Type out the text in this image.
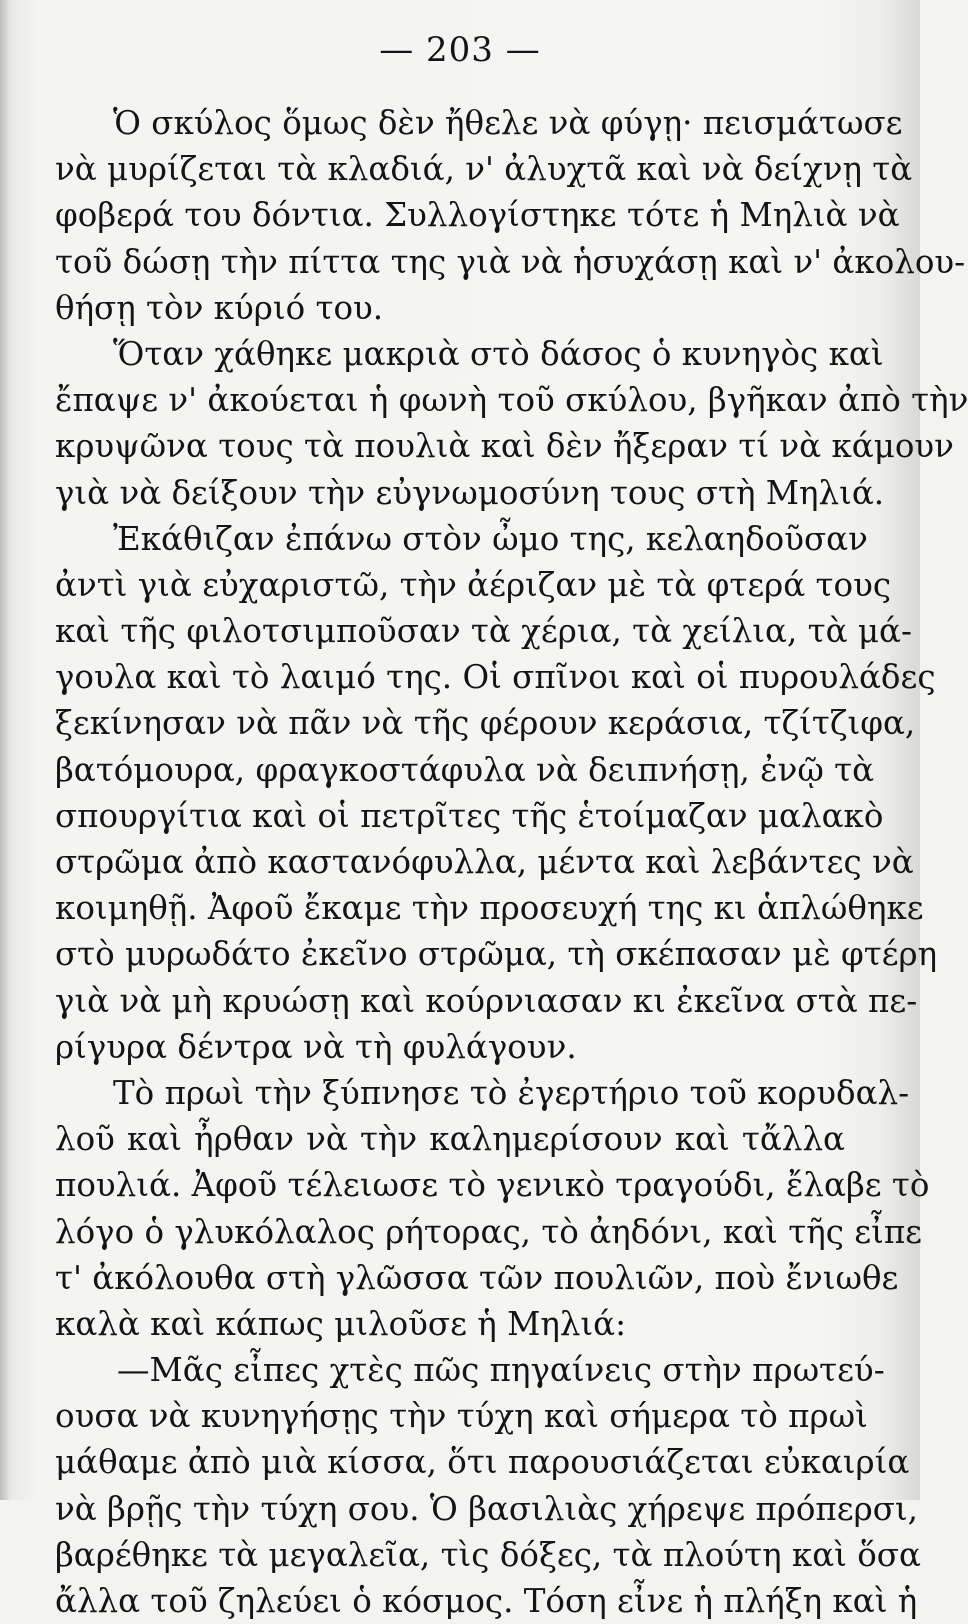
— 203 —
Ὁ σκύλος ὅμως δὲν ἤθελε νὰ φύγῃ· πεισμάτωσε
νὰ μυρίζεται τὰ κλαδιά, ν' ἀλυχτᾶ καὶ νὰ δείχνῃ τὰ
φοβερά του δόντια. Συλλογίστηκε τότε ἡ Μηλιὰ νὰ
τοῦ δώσῃ τὴν πίττα της γιὰ νὰ ἡσυχάσῃ καὶ ν' ἀκολου-
θήσῃ τὸν κύριό του.
Ὅταν χάθηκε μακριὰ στὸ δάσος ὁ κυνηγὸς καὶ
ἔπαψε ν' ἀκούεται ἡ φωνὴ τοῦ σκύλου, βγῆκαν ἀπὸ τὴν
κρυψῶνα τους τὰ πουλιὰ καὶ δὲν ἤξεραν τί νὰ κάμουν
γιὰ νὰ δείξουν τὴν εὐγνωμοσύνη τους στὴ Μηλιά.
Ἐκάθιζαν ἐπάνω στὸν ὦμο της, κελαηδοῦσαν
ἀντὶ γιὰ εὐχαριστῶ, τὴν ἀέριζαν μὲ τὰ φτερά τους
καὶ τῆς φιλοτσιμποῦσαν τὰ χέρια, τὰ χείλια, τὰ μά-
γουλα καὶ τὸ λαιμό της. Οἱ σπῖνοι καὶ οἱ πυρουλάδες
ξεκίνησαν νὰ πᾶν νὰ τῆς φέρουν κεράσια, τζίτζιφα,
βατόμουρα, φραγκοστάφυλα νὰ δειπνήσῃ, ἐνῷ τὰ
σπουργίτια καὶ οἱ πετρῖτες τῆς ἑτοίμαζαν μαλακὸ
στρῶμα ἀπὸ καστανόφυλλα, μέντα καὶ λεβάντες νὰ
κοιμηθῇ. Ἀφοῦ ἔκαμε τὴν προσευχή της κι ἁπλώθηκε
στὸ μυρωδάτο ἐκεῖνο στρῶμα, τὴ σκέπασαν μὲ φτέρη
γιὰ νὰ μὴ κρυώσῃ καὶ κούρνιασαν κι ἐκεῖνα στὰ πε-
ρίγυρα δέντρα νὰ τὴ φυλάγουν.
Τὸ πρωὶ τὴν ξύπνησε τὸ ἐγερτήριο τοῦ κορυδαλ-
λοῦ καὶ ἦρθαν νὰ τὴν καλημερίσουν καὶ τἄλλα
πουλιά. Ἀφοῦ τέλειωσε τὸ γενικὸ τραγούδι, ἔλαβε τὸ
λόγο ὁ γλυκόλαλος ρήτορας, τὸ ἀηδόνι, καὶ τῆς εἶπε
τ' ἀκόλουθα στὴ γλῶσσα τῶν πουλιῶν, ποὺ ἔνιωθε
καλὰ καὶ κάπως μιλοῦσε ἡ Μηλιά:
—Μᾶς εἶπες χτὲς πῶς πηγαίνεις στὴν πρωτεύ-
ουσα νὰ κυνηγήσῃς τὴν τύχη καὶ σήμερα τὸ πρωὶ
μάθαμε ἀπὸ μιὰ κίσσα, ὅτι παρουσιάζεται εὐκαιρία
νὰ βρῇς τὴν τύχη σου. Ὁ βασιλιὰς χήρεψε πρόπερσι,
βαρέθηκε τὰ μεγαλεῖα, τὶς δόξες, τὰ πλούτη καὶ ὅσα
ἄλλα τοῦ ζηλεύει ὁ κόσμος. Τόση εἶνε ἡ πλήξη καὶ ἡ
